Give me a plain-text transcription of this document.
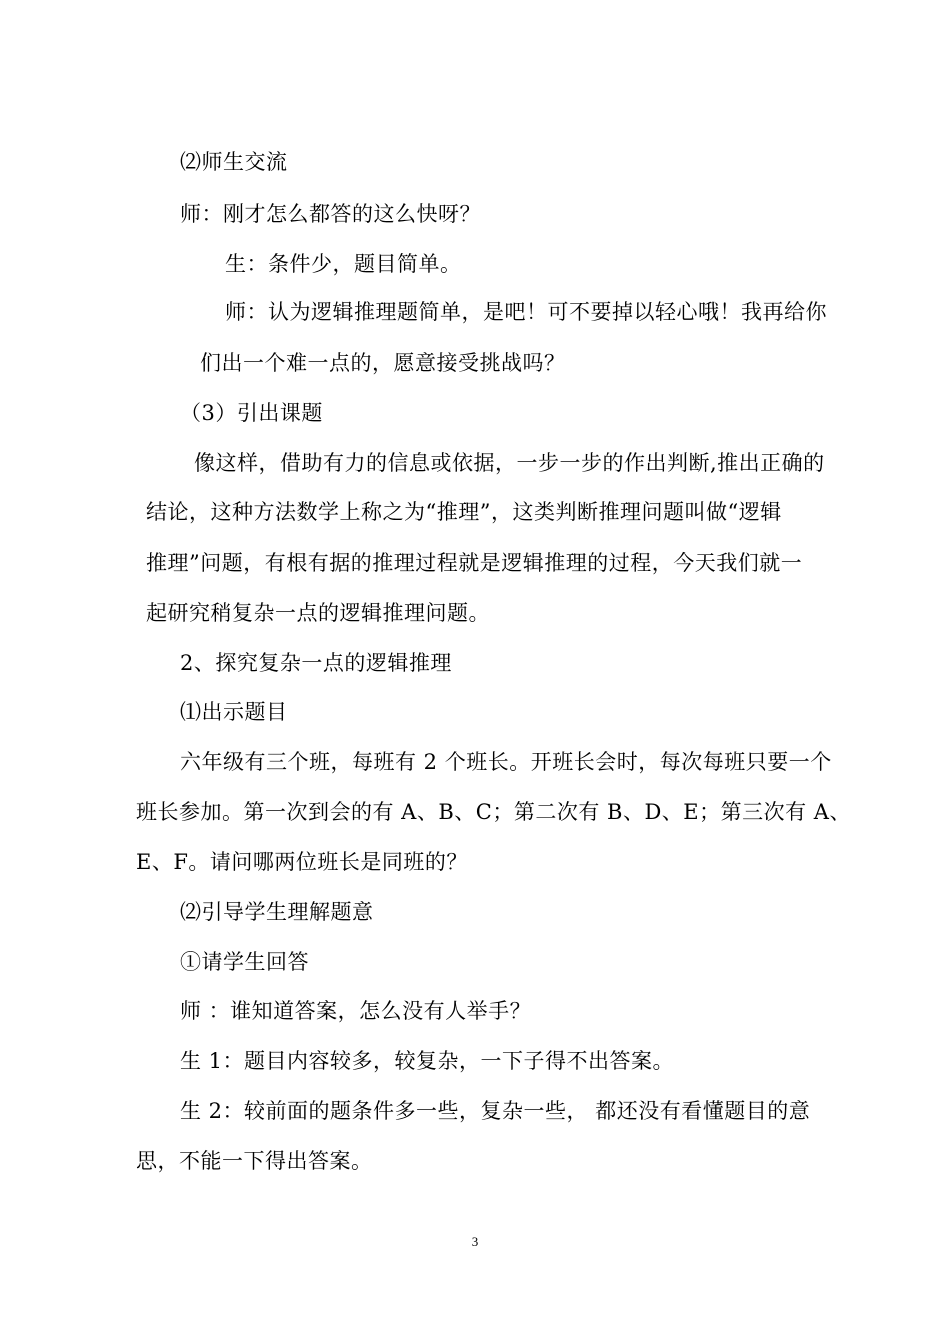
⑵师生交流
师：刚才怎么都答的这么快呀？
生：条件少，题目简单。
师：认为逻辑推理题简单，是吧！可不要掉以轻心哦！我再给你
们出一个难一点的，愿意接受挑战吗？
（3）引出课题
像这样，借助有力的信息或依据，一步一步的作出判断,推出正确的
结论，这种方法数学上称之为“推理”，这类判断推理问题叫做“逻辑
推理”问题，有根有据的推理过程就是逻辑推理的过程，今天我们就一
起研究稍复杂一点的逻辑推理问题。
2、探究复杂一点的逻辑推理
⑴出示题目
六年级有三个班，每班有 2 个班长。开班长会时，每次每班只要一个
班长参加。第一次到会的有 A、B、C；第二次有 B、D、E；第三次有 A、
E、F。请问哪两位班长是同班的？
⑵引导学生理解题意
①请学生回答
师 ：谁知道答案，怎么没有人举手？
生 1：题目内容较多，较复杂，一下子得不出答案。
生 2：较前面的题条件多一些，复杂一些， 都还没有看懂题目的意
思，不能一下得出答案。
3
